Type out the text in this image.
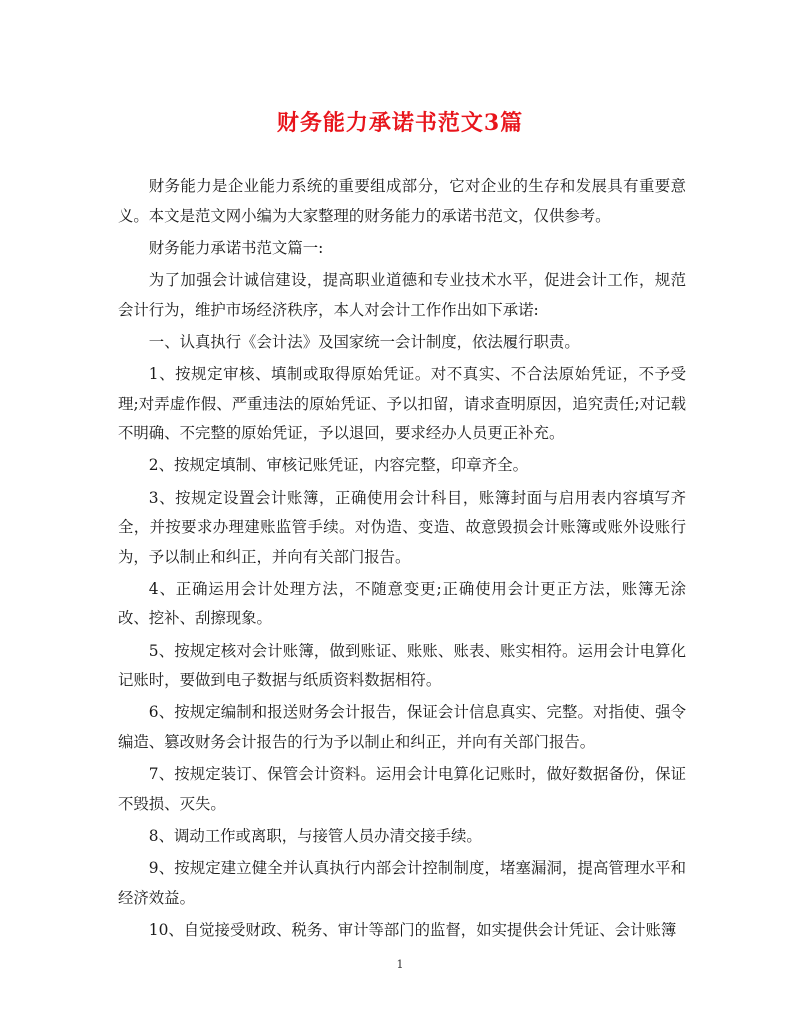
财务能力承诺书范文3篇

财务能力是企业能力系统的重要组成部分，它对企业的生存和发展具有重要意义。本文是范文网小编为大家整理的财务能力的承诺书范文，仅供参考。

财务能力承诺书范文篇一:

为了加强会计诚信建设，提高职业道德和专业技术水平，促进会计工作，规范会计行为，维护市场经济秩序，本人对会计工作作出如下承诺:

一、认真执行《会计法》及国家统一会计制度，依法履行职责。

1、按规定审核、填制或取得原始凭证。对不真实、不合法原始凭证，不予受理;对弄虚作假、严重违法的原始凭证、予以扣留，请求查明原因，追究责任;对记载不明确、不完整的原始凭证，予以退回，要求经办人员更正补充。

2、按规定填制、审核记账凭证，内容完整，印章齐全。

3、按规定设置会计账簿，正确使用会计科目，账簿封面与启用表内容填写齐全，并按要求办理建账监管手续。对伪造、变造、故意毁损会计账簿或账外设账行为，予以制止和纠正，并向有关部门报告。

4、正确运用会计处理方法，不随意变更;正确使用会计更正方法，账簿无涂改、挖补、刮擦现象。

5、按规定核对会计账簿，做到账证、账账、账表、账实相符。运用会计电算化记账时，要做到电子数据与纸质资料数据相符。

6、按规定编制和报送财务会计报告，保证会计信息真实、完整。对指使、强令编造、篡改财务会计报告的行为予以制止和纠正，并向有关部门报告。

7、按规定装订、保管会计资料。运用会计电算化记账时，做好数据备份，保证不毁损、灭失。

8、调动工作或离职，与接管人员办清交接手续。

9、按规定建立健全并认真执行内部会计控制制度，堵塞漏洞，提高管理水平和经济效益。

10、自觉接受财政、税务、审计等部门的监督，如实提供会计凭证、会计账簿

1
